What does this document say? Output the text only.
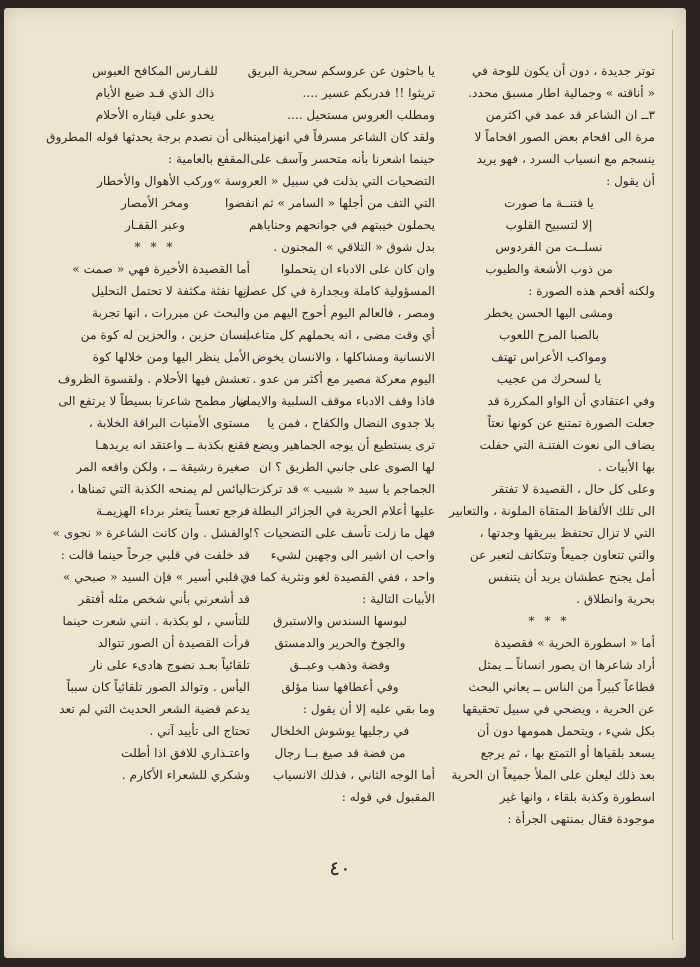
توتر جديدة ، دون أن يكون للوحة في

« أناقته » وجمالية اطار مسبق محدد.

٣ــ ان الشاعر قد عمد في اكثرمن

مرة الى اقحام بعض الصور اقحاماً لا

ينسجم مع انسياب السرد ، فهو يريد

أن يقول :

يا فتنــة ما صورت

إلا لتسبيح القلوب

نسلــت من الفردوس

من ذوب الأشعة والطيوب

ولكنه أقحم هذه الصورة :

ومشى اليها الحسن يخطر

بالصبا المرح اللعوب

ومواكب الأعراس تهتف

يا لسحرك من عجيب

وفي اعتقادي أن الواو المكررة قد

جعلت الصورة تمتنع عن كونها نعتاً

يضاف الى نعوت الفتنـة التي حفلت

بها الأبيات .

وعلى كل حال ، القصيدة لا تفتقر

الى تلك الألفاظ المتقاة الملونة ، والتعابير

التي لا تزال تحتفظ ببريقها وجدتها ،

والتي تتعاون جميعاً وتتكاتف لتعبر عن

أمل يجنح عطشان يريد أن يتنفس

بحرية وانطلاق .

* * *

أما « اسطورة الحرية » فقصيدة

أراد شاعرها ان يصور انساناً ــ يمثل

قطاعاً كبيراً من الناس ــ يعاني البحث

عن الحرية ، ويضحي في سبيل تحقيقها

بكل شيء ، ويتحمل همومها دون أن

يسعد بلقياها أو التمتع بها ، ثم يرجع

بعد ذلك ليعلن على الملأ جميعاً ان الحرية

اسطورة وكذبة بلقاء ، وانها غير

موجودة فقال بمنتهى الجرأة :

يا باحثون عن عروسكم سحرية البريق

تريثوا !! فدربكم عسير ....

ومطلب العروس مستحيل ....

ولقد كان الشاعر مسرفاً في انهزاميته

حينما اشعرنا بأنه متحسر وآسف على

التضحيات التي بذلت في سبيل « العروسة »

التي التف من أجلها « السامر » ثم انفضوا

يحملون خيبتهم في جوانحهم وحناياهم

بدل شوق « التلاقي » المجنون .

وان كان على الادباء ان يتحملوا

المسؤولية كاملة وبجدارة في كل عصر

ومصر ، فالعالم اليوم أحوج اليهم من

أي وقت مضى ، انه يحملهم كل متاعب

الانسانية ومشاكلها ، والانسان يخوض

اليوم معركة مصير مع أكثر من عدو .

فاذا وقف الادباء موقف السلبية والايمان

بلا جدوى النضال والكفاح ، فمن يا

ترى يستطيع أن يوجه الجماهير ويضع

لها الصوى على جانبي الطريق ؟ ان

الجماجم يا سيد « شبيب » قد تركزت

عليها أعلام الحرية في الجزائر البطلة ،

فهل ما زلت تأسف على التضحيات ؟!

واحب ان اشير الى وجهين لشيء

واحد ، ففي القصيدة لغو ونثرية كما في

الأبيات التالية :

لبوسها السندس والاستبرق

والجوخ والحرير والدمستق

وفضة وذهب وعبــق

وفي أعطافها سنا مؤلق

وما بقي عليه إلا أن يقول :

في رجليها يوشوش الخلخال

من فضة قد صيغ بــا رجال

أما الوجه الثاني ، فذلك الانسياب

المقبول في قوله :

للفـارس المكافح العبوس

ذاك الذي قـد ضيع الأيام

يحدو على قيثاره الأحلام

الى أن نصدم برجة يحدثها قوله المطروق

المقفع بالعامية :

وركب الأهوال والأخطار

ومخر الأمصار

وعبر القفـار

* * *

أما القصيدة الأخيرة فهي « صمت »

انها نفثة مكثفة لا تحتمل التحليل

والبحث عن مبررات ، انها تجربة

انسان حزين ، والحزين له كوة من

الأمل ينظر اليها ومن خلالها كوة

تعشش فيها الأحلام . ولقسوة الظروف

صار مطمح شاعرنا بسيطاً لا يرتفع الى

مستوى الأمنيات البراقة الخلابة ،

فقنع بكذبة ــ واعتقد انه يريدهـا

صغيرة رشيقة ــ ، ولكن واقعه المر

اليائس لم يمنحه الكذبة التي تمناها ،

فرجع تعساً يتعثر برداء الهزيمـة

والفشل . وان كانت الشاعرة « نجوى »

قد خلفت في قلبي جرحاً حينما قالت :

« قلبي أسير » فإن السيد « صبحي »

قد أشعرني بأني شخص مثله أفتقر

للتأسي ، لو بكذبة . انني شعرت حينما

قرأت القصيدة أن الصور تتوالد

تلقائياً بعـد نضوج هادىء على نار

اليأس . وتوالد الصور تلقائياً كان سبباً

يدعم قضية الشعر الحديث التي لم تعد

تحتاج الى تأييد آني .

واعتـذاري للافق اذا أطلت

وشكري للشعراء الأكارم .

٤٠
